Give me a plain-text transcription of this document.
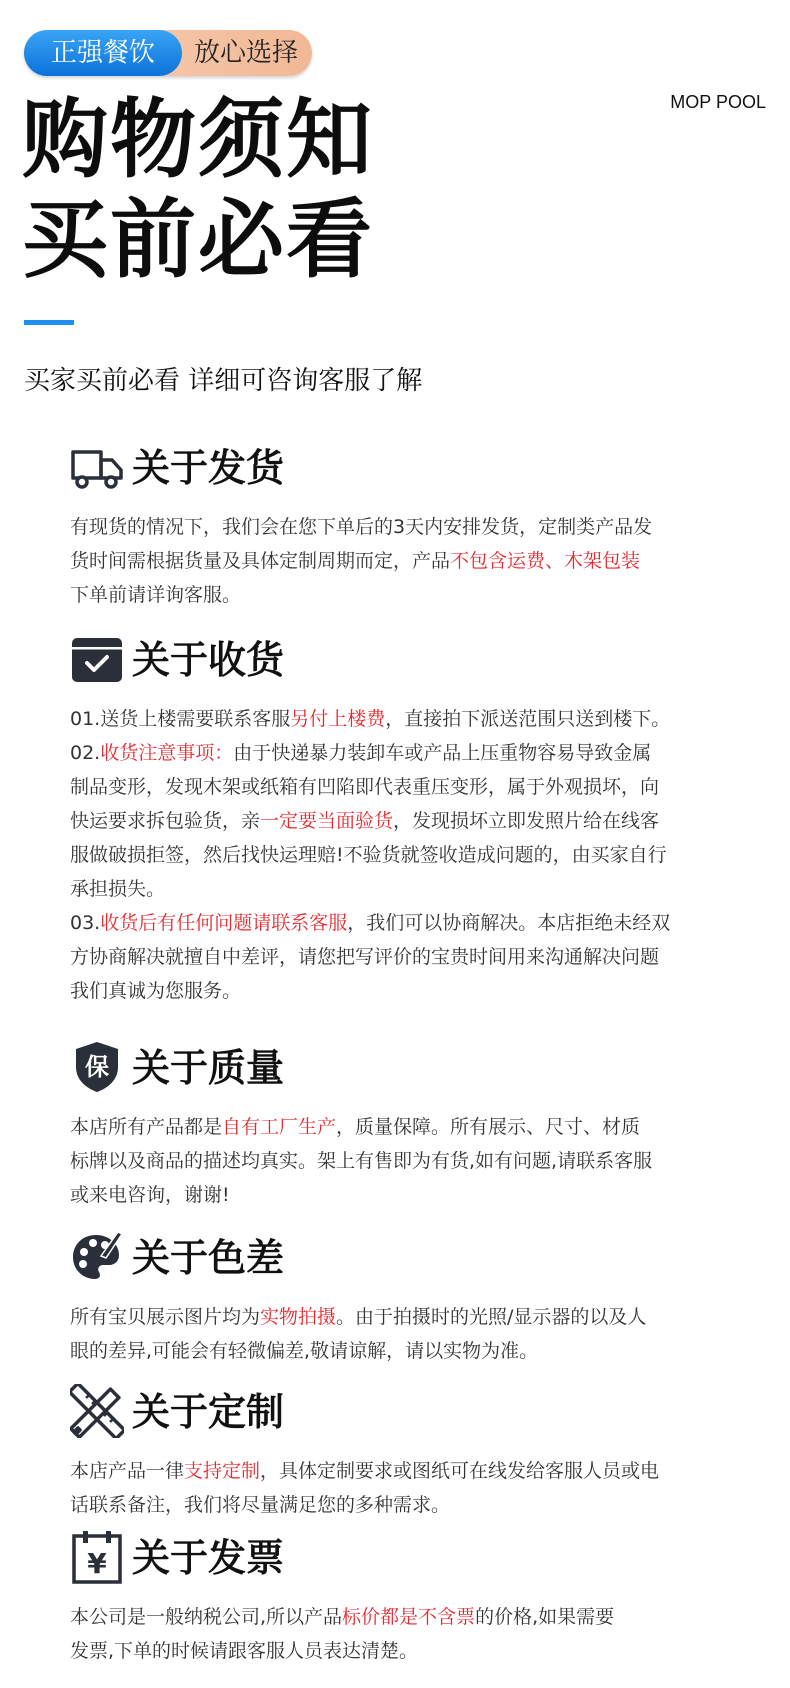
正强餐饮	放心选择
MOP POOL
购物须知
买前必看
买家买前必看 详细可咨询客服了解
关于发货
有现货的情况下，我们会在您下单后的3天内安排发货，定制类产品发
货时间需根据货量及具体定制周期而定，产品不包含运费、木架包装
下单前请详询客服。
关于收货
01.送货上楼需要联系客服另付上楼费，直接拍下派送范围只送到楼下。
02.收货注意事项：由于快递暴力装卸车或产品上压重物容易导致金属
制品变形，发现木架或纸箱有凹陷即代表重压变形，属于外观损坏，向
快运要求拆包验货，亲一定要当面验货，发现损坏立即发照片给在线客
服做破损拒签，然后找快运理赔!不验货就签收造成问题的，由买家自行
承担损失。
03.收货后有任何问题请联系客服，我们可以协商解决。本店拒绝未经双
方协商解决就擅自中差评，请您把写评价的宝贵时间用来沟通解决问题
我们真诚为您服务。
保 关于质量
本店所有产品都是自有工厂生产，质量保障。所有展示、尺寸、材质
标牌以及商品的描述均真实。架上有售即为有货,如有问题,请联系客服
或来电咨询，谢谢!
关于色差
所有宝贝展示图片均为实物拍摄。由于拍摄时的光照/显示器的以及人
眼的差异,可能会有轻微偏差,敬请谅解，请以实物为准。
关于定制
本店产品一律支持定制，具体定制要求或图纸可在线发给客服人员或电
话联系备注，我们将尽量满足您的多种需求。
¥ 关于发票
本公司是一般纳税公司,所以产品标价都是不含票的价格,如果需要
发票,下单的时候请跟客服人员表达清楚。
